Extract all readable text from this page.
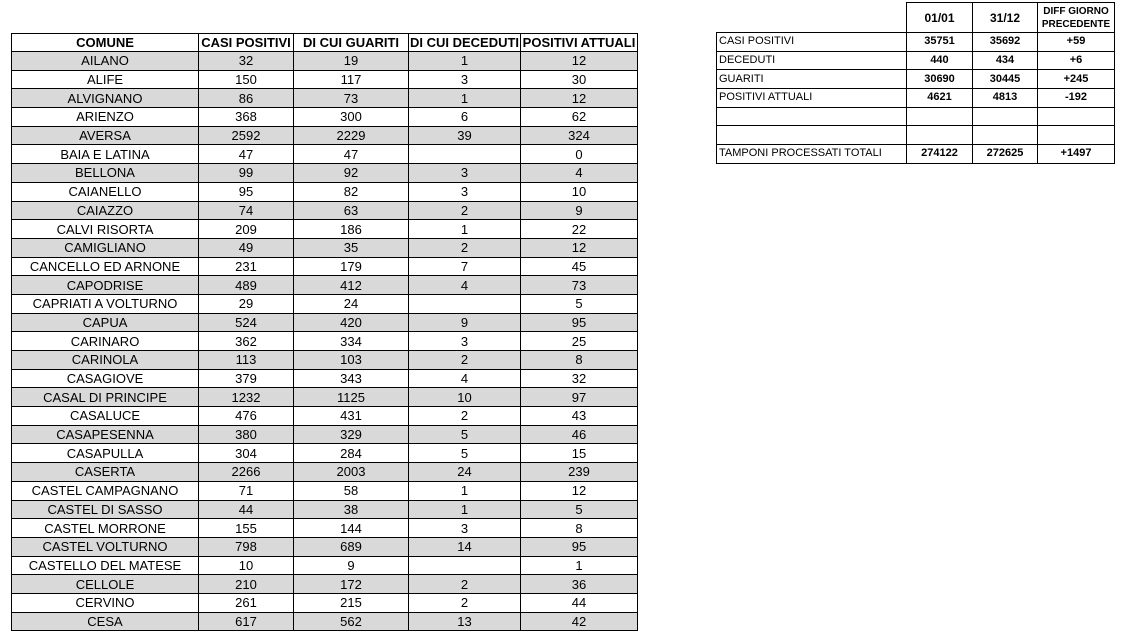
COMUNE	CASI POSITIVI	DI CUI GUARITI	DI CUI DECEDUTI	POSITIVI ATTUALI
AILANO	32	19	1	12
ALIFE	150	117	3	30
ALVIGNANO	86	73	1	12
ARIENZO	368	300	6	62
AVERSA	2592	2229	39	324
BAIA E LATINA	47	47		0
BELLONA	99	92	3	4
CAIANELLO	95	82	3	10
CAIAZZO	74	63	2	9
CALVI RISORTA	209	186	1	22
CAMIGLIANO	49	35	2	12
CANCELLO ED ARNONE	231	179	7	45
CAPODRISE	489	412	4	73
CAPRIATI A VOLTURNO	29	24		5
CAPUA	524	420	9	95
CARINARO	362	334	3	25
CARINOLA	113	103	2	8
CASAGIOVE	379	343	4	32
CASAL DI PRINCIPE	1232	1125	10	97
CASALUCE	476	431	2	43
CASAPESENNA	380	329	5	46
CASAPULLA	304	284	5	15
CASERTA	2266	2003	24	239
CASTEL CAMPAGNANO	71	58	1	12
CASTEL DI SASSO	44	38	1	5
CASTEL MORRONE	155	144	3	8
CASTEL VOLTURNO	798	689	14	95
CASTELLO DEL MATESE	10	9		1
CELLOLE	210	172	2	36
CERVINO	261	215	2	44
CESA	617	562	13	42
	01/01	31/12	DIFF GIORNO PRECEDENTE
CASI POSITIVI	35751	35692	+59
DECEDUTI	440	434	+6
GUARITI	30690	30445	+245
POSITIVI ATTUALI	4621	4813	-192

TAMPONI PROCESSATI TOTALI	274122	272625	+1497
